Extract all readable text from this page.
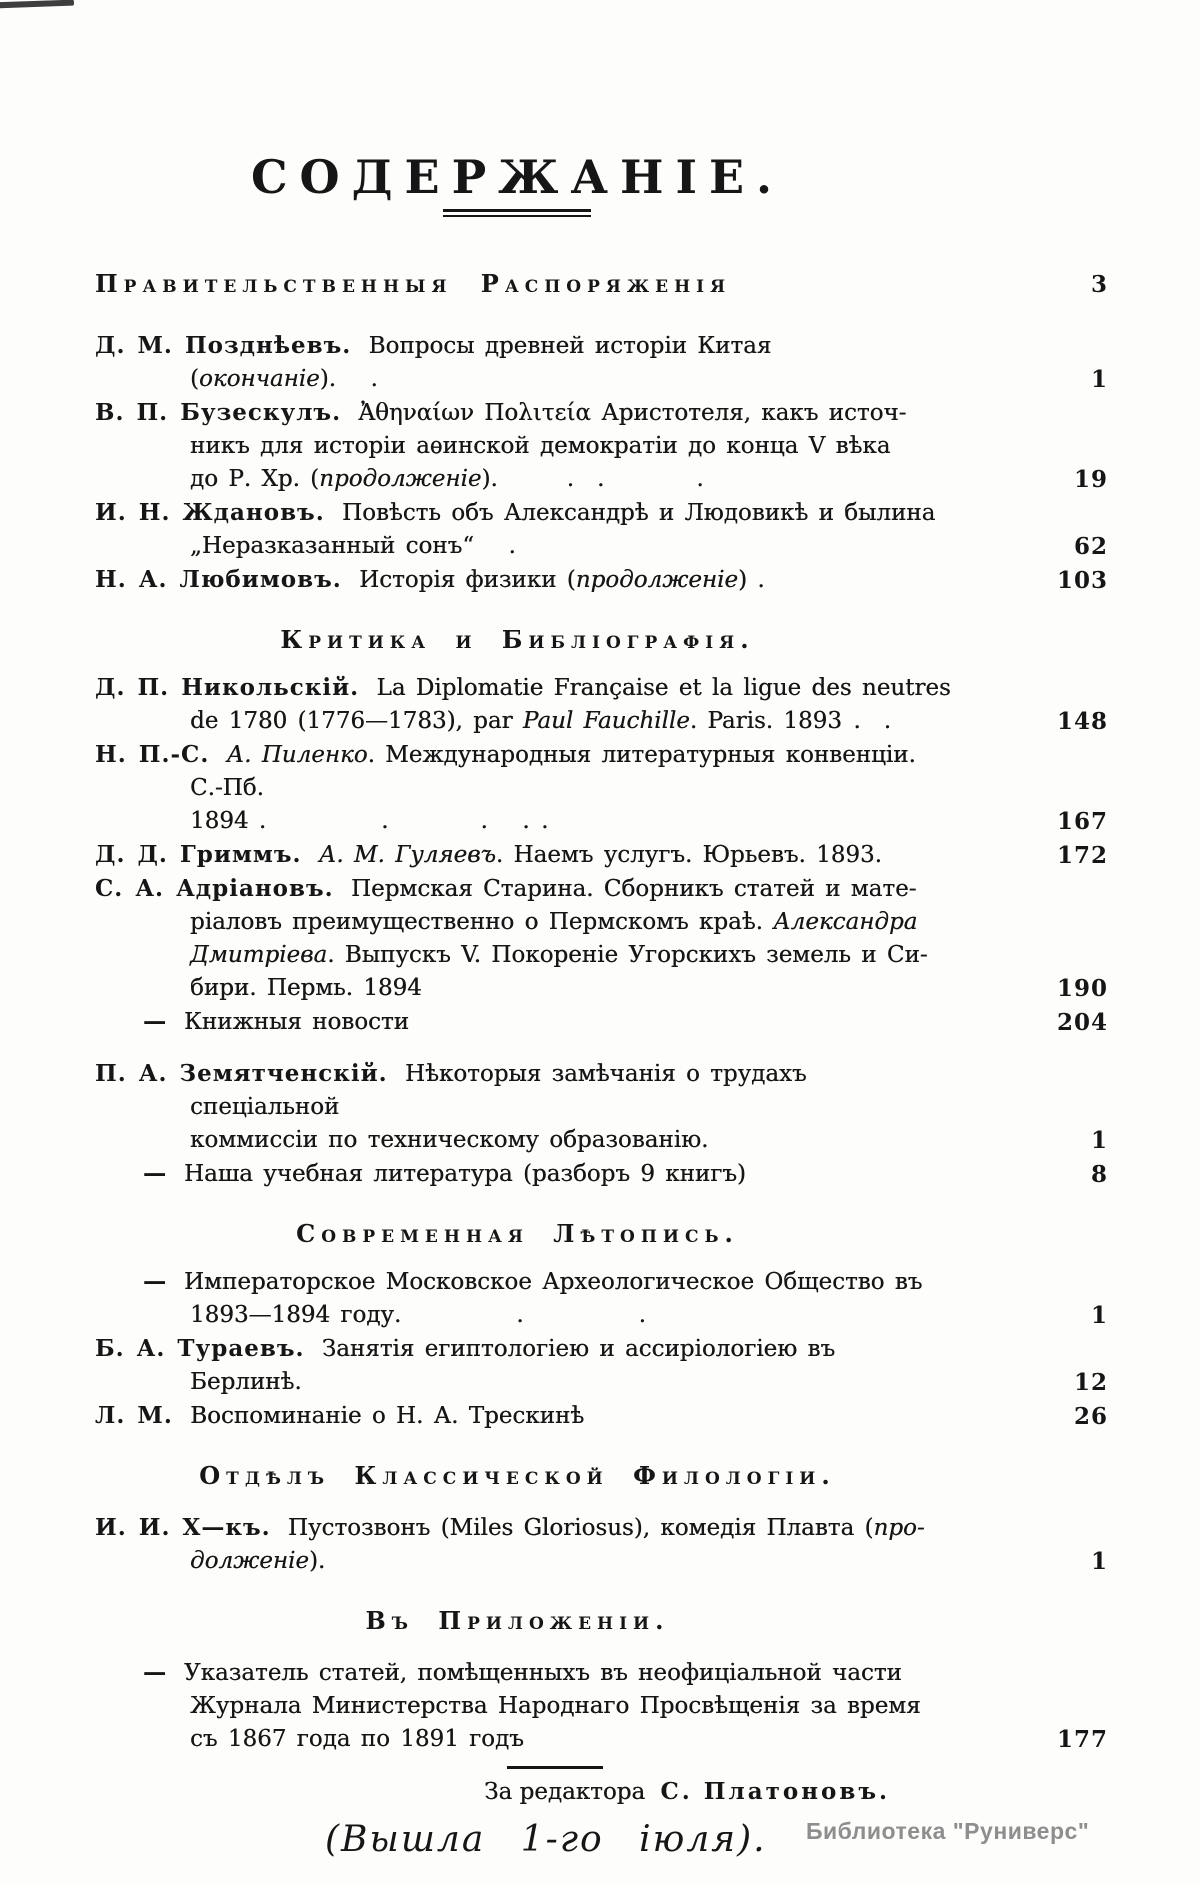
СОДЕРЖАНІЕ.
Правительственныя Распоряженія	3
Д. М. Позднѣевъ. Вопросы древней исторіи Китая (окончаніе).  .	1
В. П. Бузескулъ. Ἀθηναίων Πολιτεία Аристотеля, какъ источ-
никъ для исторіи аѳинской демократіи до конца V вѣка
до Р. Хр. (продолженіе).   .  .    .	19
И. Н. Ждановъ. Повѣсть объ Александрѣ и Людовикѣ и былина
„Неразказанный сонъ“  .	62
Н. А. Любимовъ. Исторія физики (продолженіе) .	103
Критика и Библіографія.
Д. П. Никольскій. La Diplomatie Française et la ligue des neutres
de 1780 (1776—1783), par Paul Fauchille. Paris. 1893 . .	148
Н. П.-С. А. Пиленко. Международныя литературныя конвенціи. С.-Пб.
1894 .     .    .  . .	167
Д. Д. Гриммъ. А. М. Гуляевъ. Наемъ услугъ. Юрьевъ. 1893.	172
С. А. Адріановъ. Пермская Старина. Сборникъ статей и мате-
ріаловъ преимущественно о Пермскомъ краѣ. Александра
Дмитріева. Выпускъ V. Покореніе Угорскихъ земель и Си-
бири. Пермь. 1894	190
— Книжныя новости	204
П. А. Земятченскій. Нѣкоторыя замѣчанія о трудахъ спеціальной
коммиссіи по техническому образованію.	1
— Наша учебная литература (разборъ 9 книгъ)	8
Современная Лѣтопись.
— Императорское Московское Археологическое Общество въ
1893—1894 году.     .     .	1
Б. А. Тураевъ. Занятія египтологіею и ассиріологіею въ Берлинѣ.	12
Л. М. Воспоминаніе о Н. А. Трескинѣ	26
Отдѣлъ Классической Филологіи.
И. И. Х—къ. Пустозвонъ (Miles Gloriosus), комедія Плавта (про-
долженіе).	1
Въ Приложеніи.
— Указатель статей, помѣщенныхъ въ неофиціальной части
Журнала Министерства Народнаго Просвѣщенія за время
съ 1867 года по 1891 годъ	177
За редактора С. Платоновъ.
(Вышла 1-го іюля).	Библиотека "Руниверс"
